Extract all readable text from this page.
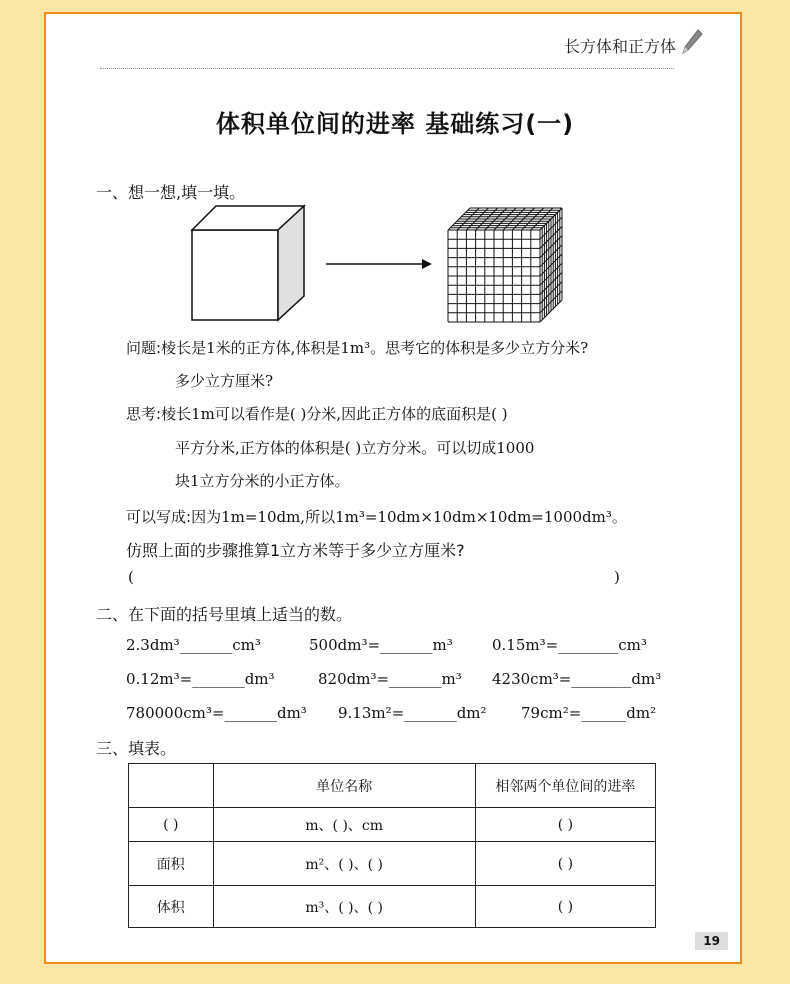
长方体和正方体
体积单位间的进率 基础练习(一)
一、想一想,填一填。
问题:棱长是1米的正方体,体积是1m³。思考它的体积是多少立方分米?
多少立方厘米?
思考:棱长1m可以看作是( )分米,因此正方体的底面积是( )
平方分米,正方体的体积是( )立方分米。可以切成1000
块1立方分米的小正方体。
可以写成:因为1m=10dm,所以1m³=10dm×10dm×10dm=1000dm³。
仿照上面的步骤推算1立方米等于多少立方厘米?
(	)
二、在下面的括号里填上适当的数。
2.3dm³_______cm³	500dm³=_______m³	0.15m³=________cm³
0.12m³=_______dm³	820dm³=_______m³ 4230cm³=________dm³
780000cm³=_______dm³ 9.13m²=_______dm² 79cm²=______dm²
三、填表。
	单位名称	相邻两个单位间的进率
( )	m、( )、cm	( )
面积	m²、( )、( )	( )
体积	m³、( )、( )	( )
19
